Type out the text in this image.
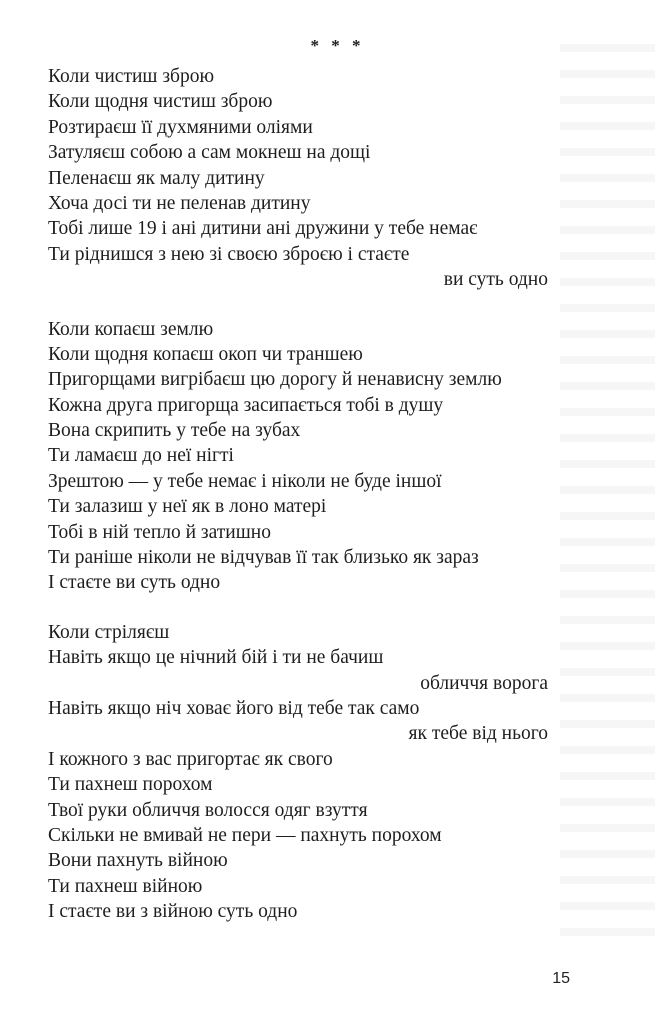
* * *
Коли чистиш зброю
Коли щодня чистиш зброю
Розтираєш її духмяними оліями
Затуляєш собою а сам мокнеш на дощі
Пеленаєш як малу дитину
Хоча досі ти не пеленав дитину
Тобі лише 19 і ані дитини ані дружини у тебе немає
Ти ріднишся з нею зі своєю зброєю і стаєте
ви суть одно
Коли копаєш землю
Коли щодня копаєш окоп чи траншею
Пригорщами вигрібаєш цю дорогу й ненависну землю
Кожна друга пригорща засипається тобі в душу
Вона скрипить у тебе на зубах
Ти ламаєш до неї нігті
Зрештою — у тебе немає і ніколи не буде іншої
Ти залазиш у неї як в лоно матері
Тобі в ній тепло й затишно
Ти раніше ніколи не відчував її так близько як зараз
І стаєте ви суть одно
Коли стріляєш
Навіть якщо це нічний бій і ти не бачиш
обличчя ворога
Навіть якщо ніч ховає його від тебе так само
як тебе від нього
І кожного з вас пригортає як свого
Ти пахнеш порохом
Твої руки обличчя волосся одяг взуття
Скільки не вмивай не пери — пахнуть порохом
Вони пахнуть війною
Ти пахнеш війною
І стаєте ви з війною суть одно
15
